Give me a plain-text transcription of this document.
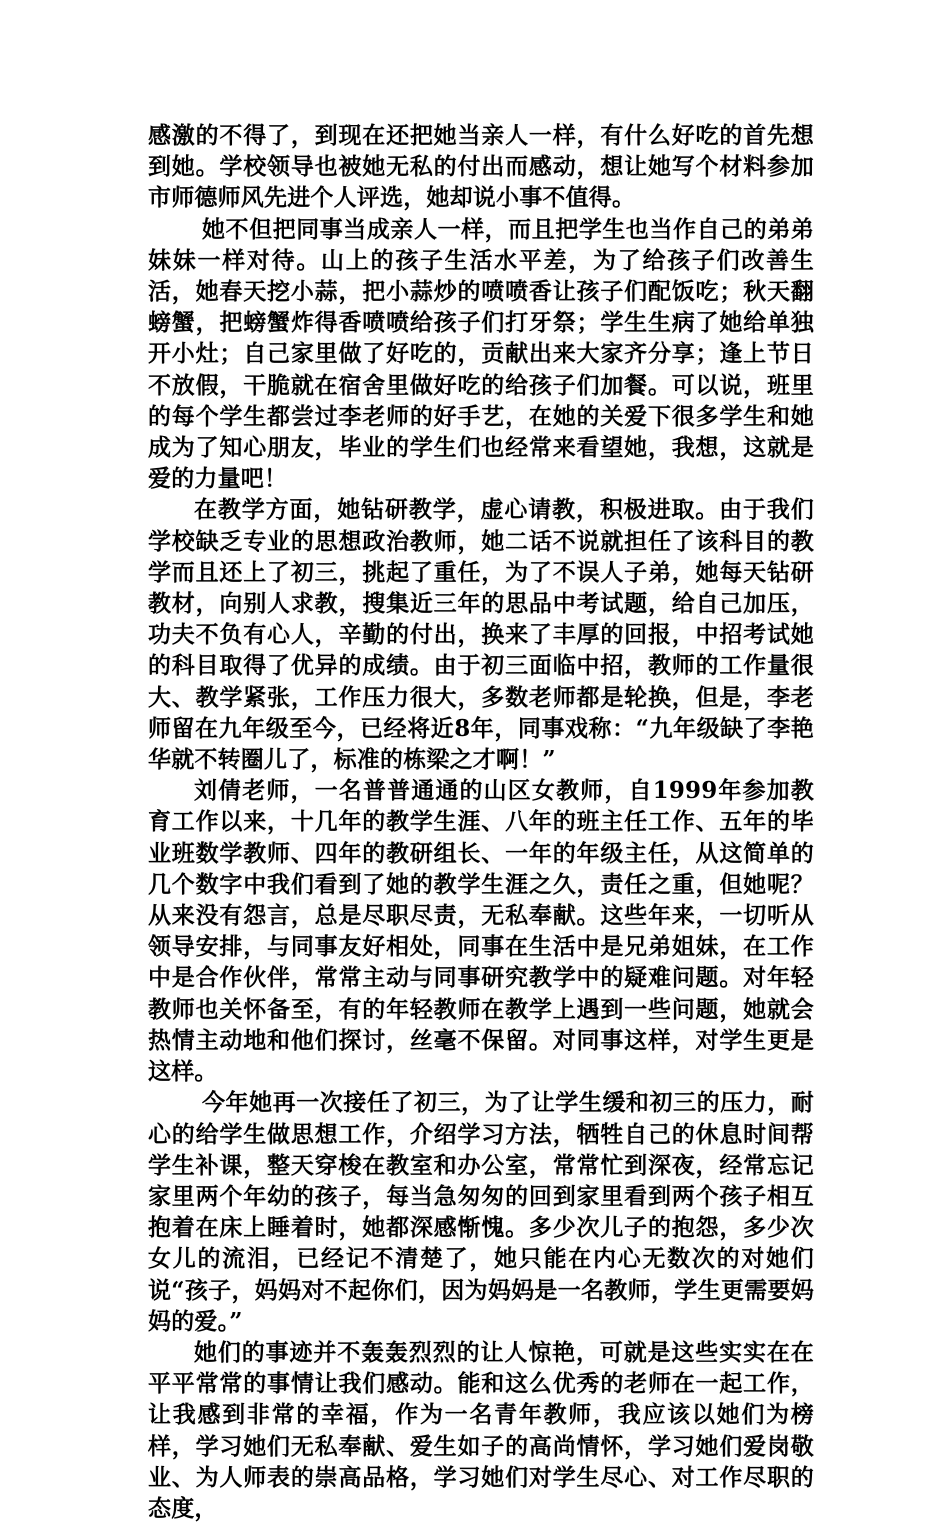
感激的不得了，到现在还把她当亲人一样，有什么好吃的首先想到她。学校领导也被她无私的付出而感动，想让她写个材料参加市师德师风先进个人评选，她却说小事不值得。

她不但把同事当成亲人一样，而且把学生也当作自己的弟弟妹妹一样对待。山上的孩子生活水平差，为了给孩子们改善生活，她春天挖小蒜，把小蒜炒的喷喷香让孩子们配饭吃；秋天翻螃蟹，把螃蟹炸得香喷喷给孩子们打牙祭；学生生病了她给单独开小灶；自己家里做了好吃的，贡献出来大家齐分享；逢上节日不放假，干脆就在宿舍里做好吃的给孩子们加餐。可以说，班里的每个学生都尝过李老师的好手艺，在她的关爱下很多学生和她成为了知心朋友，毕业的学生们也经常来看望她，我想，这就是爱的力量吧！

在教学方面，她钻研教学，虚心请教，积极进取。由于我们学校缺乏专业的思想政治教师，她二话不说就担任了该科目的教学而且还上了初三，挑起了重任，为了不误人子弟，她每天钻研教材，向别人求教，搜集近三年的思品中考试题，给自己加压，功夫不负有心人，辛勤的付出，换来了丰厚的回报，中招考试她的科目取得了优异的成绩。由于初三面临中招，教师的工作量很大、教学紧张，工作压力很大，多数老师都是轮换，但是，李老师留在九年级至今，已经将近8年，同事戏称：“九年级缺了李艳华就不转圈儿了，标准的栋梁之才啊！”

刘倩老师，一名普普通通的山区女教师，自1999年参加教育工作以来，十几年的教学生涯、八年的班主任工作、五年的毕业班数学教师、四年的教研组长、一年的年级主任，从这简单的几个数字中我们看到了她的教学生涯之久，责任之重，但她呢？从来没有怨言，总是尽职尽责，无私奉献。这些年来，一切听从领导安排，与同事友好相处，同事在生活中是兄弟姐妹，在工作中是合作伙伴，常常主动与同事研究教学中的疑难问题。对年轻教师也关怀备至，有的年轻教师在教学上遇到一些问题，她就会热情主动地和他们探讨，丝毫不保留。对同事这样，对学生更是这样。

今年她再一次接任了初三，为了让学生缓和初三的压力，耐心的给学生做思想工作，介绍学习方法，牺牲自己的休息时间帮学生补课，整天穿梭在教室和办公室，常常忙到深夜，经常忘记家里两个年幼的孩子，每当急匆匆的回到家里看到两个孩子相互抱着在床上睡着时，她都深感惭愧。多少次儿子的抱怨，多少次女儿的流泪，已经记不清楚了，她只能在内心无数次的对她们说“孩子，妈妈对不起你们，因为妈妈是一名教师，学生更需要妈妈的爱。”

她们的事迹并不轰轰烈烈的让人惊艳，可就是这些实实在在平平常常的事情让我们感动。能和这么优秀的老师在一起工作，让我感到非常的幸福，作为一名青年教师，我应该以她们为榜样，学习她们无私奉献、爱生如子的高尚情怀，学习她们爱岗敬业、为人师表的崇高品格，学习她们对学生尽心、对工作尽职的态度，
